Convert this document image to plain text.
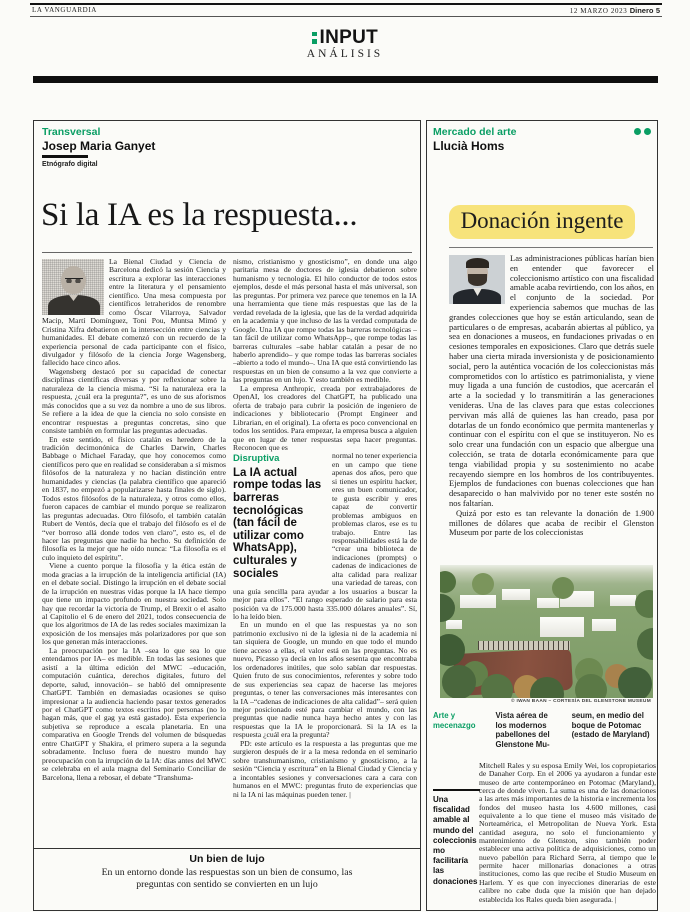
LA VANGUARDIA	12 MARZO 2023 Dinero 5
INPUT
ANÁLISIS
Transversal
Josep Maria Ganyet
Etnógrafo digital
Si la IA es la respuesta...

La Bienal Ciudad y Ciencia de Barcelona dedicó la sesión Ciencia y escritura a explorar las interacciones entre la literatura y el pensamiento científico. Una mesa compuesta por científicos letraheridos de renombre como Óscar Vilarroya, Salvador Macip, Martí Domínguez, Toni Pou, Muntsa Mimó y Cristina Xifra debatieron en la intersección entre ciencias y humanidades. El debate comenzó con un recuerdo de la experiencia personal de cada participante con el físico, divulgador y filósofo de la ciencia Jorge Wagensberg, fallecido hace cinco años.

Wagensberg destacó por su capacidad de conectar disciplinas científicas diversas y por reflexionar sobre la naturaleza de la ciencia misma. “Si la naturaleza era la respuesta, ¿cuál era la pregunta?”, es uno de sus aforismos más conocidos que a su vez da nombre a uno de sus libros. Se refiere a la idea de que la ciencia no solo consiste en encontrar respuestas a preguntas concretas, sino que consiste también en formular las preguntas adecuadas.

En este sentido, el físico catalán es heredero de la tradición decimonónica de Charles Darwin, Charles Babbage o Michael Faraday, que hoy conocemos como científicos pero que en realidad se consideraban a sí mismos filósofos de la naturaleza y no hacían distinción entre humanidades y ciencias (la palabra científico que apareció en 1837, no empezó a popularizarse hasta finales de siglo). Todos estos filósofos de la naturaleza, y otros como ellos, fueron capaces de cambiar el mundo porque se realizaron las preguntas adecuadas. Otro filósofo, el también catalán Rubert de Ventós, decía que el trabajo del filósofo es el de “ver borroso allá donde todos ven claro”, esto es, el de hacer las preguntas que nadie ha hecho. Su definición de filosofía es la mejor que he oído nunca: “La filosofía es el culo inquieto del espíritu”.

Viene a cuento porque la filosofía y la ética están de moda gracias a la irrupción de la inteligencia artificial (IA) en el debate social. Distingo la irrupción en el debate social de la irrupción en nuestras vidas porque la IA hace tiempo que tiene un impacto profundo en nuestra sociedad. Solo hay que recordar la victoria de Trump, el Brexit o el asalto al Capitolio el 6 de enero del 2021, todos consecuencia de que los algoritmos de IA de las redes sociales maximizan la exposición de los mensajes más polarizadores por que son los que generan más interacciones.

La preocupación por la IA –sea lo que sea lo que entendamos por IA– es medible. En todas las sesiones que asistí a la última edición del MWC –educación, computación cuántica, derechos digitales, futuro del deporte, salud, innovación– se habló del omnipresente ChatGPT. También en demasiadas ocasiones se quiso impresionar a la audiencia haciendo pasar textos generados por el ChatGPT como textos escritos por personas (no lo hagan más, que el gag ya está gastado). Esta experiencia subjetiva se reproduce a escala planetaria. En una comparativa en Google Trends del volumen de búsquedas entre ChatGPT y Shakira, el primero supera a la segunda sobradamente. Incluso fuera de nuestro mundo hay preocupación con la irrupción de la IA: días antes del MWC se celebraba en el aula magna del Seminario Conciliar de Barcelona, llena a rebosar, el debate “Transhuma-

nismo, cristianismo y gnosticismo”, en donde una algo paritaria mesa de doctores de iglesia debatieron sobre humanismo y tecnología. El hilo conductor de todos estos ejemplos, desde el más personal hasta el más universal, son las preguntas. Por primera vez parece que tenemos en la IA una herramienta que tiene más respuestas que las de la verdad revelada de la iglesia, que las de la verdad adquirida en la academia y que incluso de las la verdad computada de Google. Una IA que rompe todas las barreras tecnológicas –tan fácil de utilizar como WhatsApp–, que rompe todas las barreras culturales –sabe hablar catalán a pesar de no haberlo aprendido– y que rompe todas las barreras sociales –abierto a todo el mundo–. Una IA que está convirtiendo las respuestas en un bien de consumo a la vez que convierte a las preguntas en un lujo. Y esto también es medible.

La empresa Anthropic, creada por extrabajadores de OpenAI, los creadores del ChatGPT, ha publicado una oferta de trabajo para cubrir la posición de ingeniero de indicaciones y bibliotecario (Prompt Engineer and Librarian, en el original). La oferta es poco convencional en todos los sentidos. Para empezar, la empresa busca a alguien que en lugar de tener respuestas sepa hacer preguntas. Reconocen que es

Disruptiva
La IA actual rompe todas las barreras tecnológicas (tan fácil de utilizar como WhatsApp), culturales y sociales

normal no tener experiencia en un campo que tiene apenas dos años, pero que si tienes un espíritu hacker, eres un buen comunicador, te gusta escribir y eres capaz de convertir problemas ambiguos en problemas claros, ese es tu trabajo. Entre las responsabilidades está la de “crear una biblioteca de indicaciones (prompts) o cadenas de indicaciones de alta calidad para realizar una variedad de tareas, con una guía sencilla para ayudar a los usuarios a buscar la mejor para ellos”. “El rango esperado de salario para esta posición va de 175.000 hasta 335.000 dólares anuales”. Sí, lo ha leído bien.

En un mundo en el que las respuestas ya no son patrimonio exclusivo ni de la iglesia ni de la academia ni tan siquiera de Google, un mundo en que todo el mundo tiene acceso a ellas, el valor está en las preguntas. No es nuevo, Picasso ya decía en los años sesenta que encontraba los ordenadores inútiles, que solo sabían dar respuestas. Quien fruto de sus conocimientos, referentes y sobre todo de sus experiencias sea capaz de hacerse las mejores preguntas, o tener las conversaciones más interesantes con la IA –“cadenas de indicaciones de alta calidad”– será quien mejor posicionado esté para cambiar el mundo, con las preguntas que nadie nunca haya hecho antes y con las respuestas que la IA le proporcionará. Si la IA es la respuesta ¿cuál era la pregunta?

PD: este artículo es la respuesta a las preguntas que me surgieron después de ir a la mesa redonda en el seminario sobre transhumanismo, cristianismo y gnosticismo, a la sesión “Ciencia y escritura” en la Bienal Ciudad y Ciencia y a incontables sesiones y conversaciones cara a cara con humanos en el MWC: preguntas fruto de experiencias que ni la IA ni las máquinas pueden tener. |

Un bien de lujo
En un entorno donde las respuestas son un bien de consumo, las preguntas con sentido se convierten en un lujo
Mercado del arte
Llucià Homs
Donación ingente

Las administraciones públicas harían bien en entender que favorecer el coleccionismo artístico con una fiscalidad amable acaba revirtiendo, con los años, en el conjunto de la sociedad. Por experiencia sabemos que muchas de las grandes colecciones que hoy se están articulando, sean de particulares o de empresas, acabarán abiertas al público, ya sea en donaciones a museos, en fundaciones privadas o en cesiones temporales en exposiciones. Claro que detrás suele haber una cierta mirada inversionista y de posicionamiento social, pero la auténtica vocación de los coleccionistas más comprometidos con lo artístico es patrimonialista, y viene muy ligada a una función de custodios, que acercarán el arte a la sociedad y lo transmitirán a las generaciones venideras. Una de las claves para que estas colecciones pervivan más allá de quienes las han creado, pasa por dotarlas de un fondo económico que permita mantenerlas y continuar con el espíritu con el que se instituyeron. No es solo crear una fundación con un espacio que albergue una colección, se trata de dotarla económicamente para que tenga viabilidad propia y su sostenimiento no acabe recayendo siempre en los hombros de los contribuyentes. Ejemplos de fundaciones con buenas colecciones que han desaparecido o han malvivido por no tener este sostén no nos faltarían.

Quizá por esto es tan relevante la donación de 1.900 millones de dólares que acaba de recibir el Glenston Museum por parte de los coleccionistas

© IWAN BAAN – CORTESÍA DEL GLENSTONE MUSEUM
Arte y mecenazgo
Vista aérea de los modernos pabellones del Glenstone Mu-
seum, en medio del boque de Potomac (estado de Maryland)
Una fiscalidad amable al mundo del coleccionismo facilitaría las donaciones

Mitchell Rales y su esposa Emily Wei, los copropietarios de Danaher Corp. En el 2006 ya ayudaron a fundar este museo de arte contemporáneo en Potomac (Maryland), cerca de donde viven. La suma es una de las donaciones a las artes más importantes de la historia e incrementa los fondos del museo hasta los 4.600 millones, casi equivalente a lo que tiene el museo más visitado de Norteamérica, el Metropolitan de Nueva York. Esta cantidad asegura, no solo el funcionamiento y mantenimiento de Glenston, sino también poder establecer una activa política de adquisiciones, como un nuevo pabellón para Richard Serra, al tiempo que le permite hacer millonarias donaciones a otras instituciones, como las que recibe el Studio Museum en Harlem. Y es que con inyecciones dinerarias de este calibre no cabe duda que la misión que han dejado establecida los Rales queda bien asegurada. |
